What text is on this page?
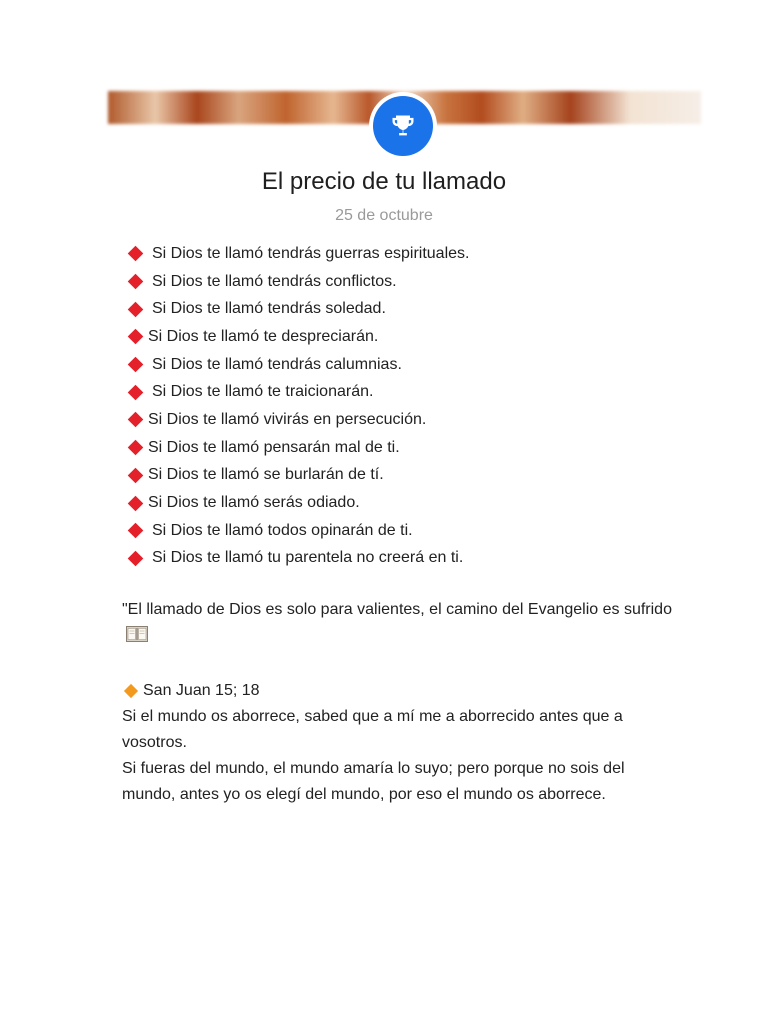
El precio de tu llamado
25 de octubre
Si Dios te llamó tendrás guerras espirituales.
Si Dios te llamó tendrás conflictos.
Si Dios te llamó tendrás soledad.
Si Dios te llamó te despreciarán.
Si Dios te llamó tendrás calumnias.
Si Dios te llamó te traicionarán.
Si Dios te llamó vivirás en persecución.
Si Dios te llamó pensarán mal de ti.
Si Dios te llamó se burlarán de tí.
Si Dios te llamó serás odiado.
Si Dios te llamó todos opinarán de ti.
Si Dios te llamó tu parentela no creerá en ti.

"El llamado de Dios es solo para valientes, el camino del Evangelio es sufrido

San Juan 15; 18

Si el mundo os aborrece, sabed que a mí me a aborrecido antes que a vosotros.
Si fueras del mundo, el mundo amaría lo suyo; pero porque no sois del mundo, antes yo os elegí del mundo, por eso el mundo os aborrece.
